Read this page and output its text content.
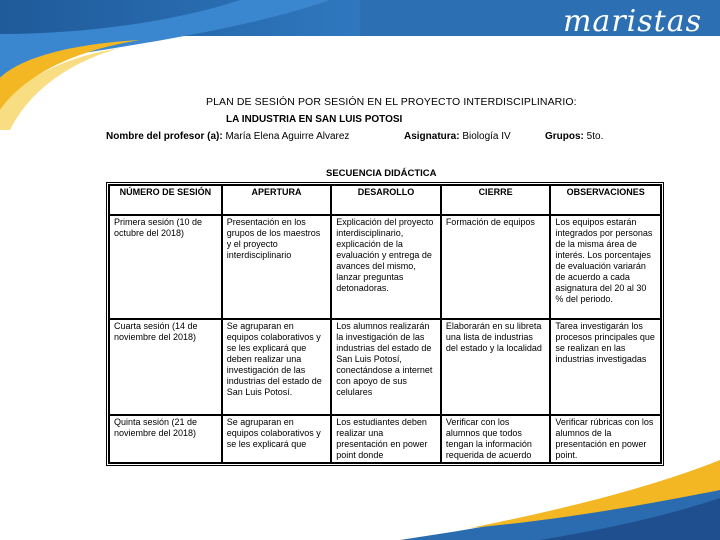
maristas
PLAN DE SESIÓN POR SESIÓN EN EL PROYECTO INTERDISCIPLINARIO:
LA INDUSTRIA EN SAN LUIS POTOSI
Nombre del profesor (a): María Elena Aguirre Alvarez	Asignatura: Biología IV	Grupos: 5to.
SECUENCIA DIDÁCTICA
NÚMERO DE SESIÓN	APERTURA	DESAROLLO	CIERRE	OBSERVACIONES
Primera sesión (10 de octubre del 2018)	Presentación en los grupos de los maestros y el proyecto interdisciplinario	Explicación del proyecto interdisciplinario, explicación de la evaluación y entrega de avances del mismo, lanzar preguntas detonadoras.	Formación de equipos	Los equipos estarán integrados por personas de la misma área de interés. Los porcentajes de evaluación variarán de acuerdo a cada asignatura del 20 al 30 % del periodo.
Cuarta sesión (14 de noviembre del 2018)	Se agruparan en equipos colaborativos y se les explicará que deben realizar una investigación de las industrias del estado de San Luis Potosí.	Los alumnos realizarán la investigación de las industrias del estado de San Luis Potosí, conectándose a internet con apoyo de sus celulares	Elaborarán en su libreta una lista de industrias del estado y la localidad	Tarea investigarán los procesos principales que se realizan en las industrias investigadas
Quinta sesión (21 de noviembre del 2018)	Se agruparan en equipos colaborativos y se les explicará que	Los estudiantes deben realizar una presentación en power point donde	Verificar con los alumnos que todos tengan la información requerida de acuerdo	Verificar rúbricas con los alumnos de la presentación en power point.
